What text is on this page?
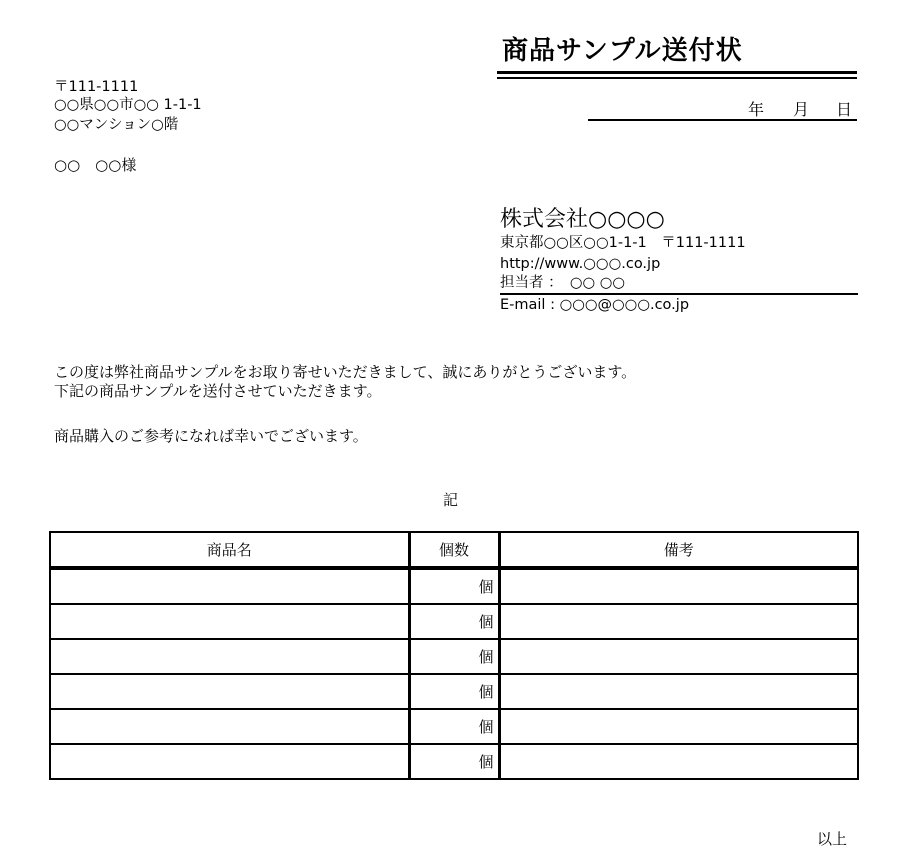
商品サンプル送付状
年 月 日
〒111-1111
○○県○○市○○ 1-1-1
○○マンション○階
○○　○○様
株式会社○○○○
東京都○○区○○1-1-1　〒111-1111
http://www.○○○.co.jp
担当者 ：　○○ ○○
E-mail : ○○○@○○○.co.jp
この度は弊社商品サンプルをお取り寄せいただきまして、誠にありがとうございます。
下記の商品サンプルを送付させていただきます。
商品購入のご参考になれば幸いでございます。
記
商品名	個数	備考
	個	
	個	
	個	
	個	
	個	
	個	
以上
